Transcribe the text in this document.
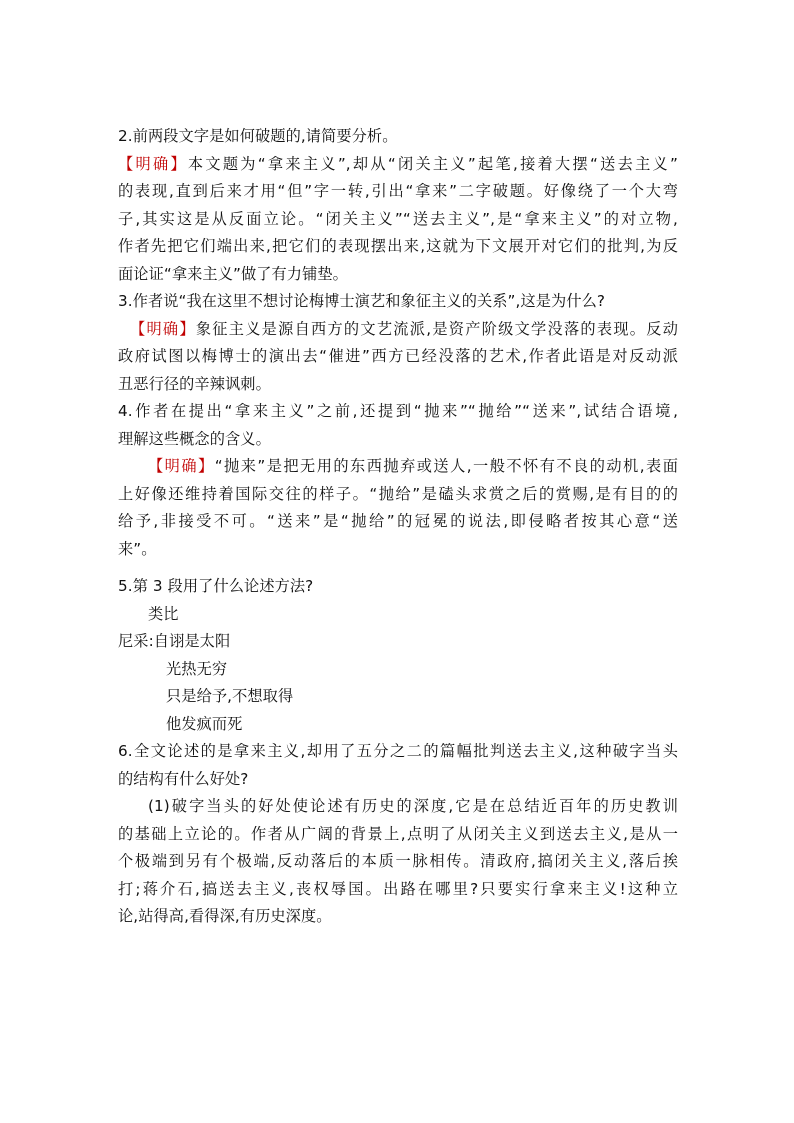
2.前两段文字是如何破题的,请简要分析。
【明确】本文题为“拿来主义”,却从“闭关主义”起笔,接着大摆“送去主义”
的表现,直到后来才用“但”字一转,引出“拿来”二字破题。好像绕了一个大弯
子,其实这是从反面立论。“闭关主义”“送去主义”,是“拿来主义”的对立物,
作者先把它们端出来,把它们的表现摆出来,这就为下文展开对它们的批判,为反
面论证“拿来主义”做了有力铺垫。
3.作者说“我在这里不想讨论梅博士演艺和象征主义的关系”,这是为什么?
【明确】象征主义是源自西方的文艺流派,是资产阶级文学没落的表现。反动
政府试图以梅博士的演出去“催进”西方已经没落的艺术,作者此语是对反动派
丑恶行径的辛辣讽刺。
4.作者在提出“拿来主义”之前,还提到“抛来”“抛给”“送来”,试结合语境,
理解这些概念的含义。
【明确】“抛来”是把无用的东西抛弃或送人,一般不怀有不良的动机,表面
上好像还维持着国际交往的样子。“抛给”是磕头求赏之后的赏赐,是有目的的
给予,非接受不可。“送来”是“抛给”的冠冕的说法,即侵略者按其心意“送
来”。
5.第 3 段用了什么论述方法?
类比
尼采:自诩是太阳
光热无穷
只是给予,不想取得
他发疯而死
6.全文论述的是拿来主义,却用了五分之二的篇幅批判送去主义,这种破字当头
的结构有什么好处?
(1)破字当头的好处使论述有历史的深度,它是在总结近百年的历史教训
的基础上立论的。作者从广阔的背景上,点明了从闭关主义到送去主义,是从一
个极端到另有个极端,反动落后的本质一脉相传。清政府,搞闭关主义,落后挨
打;蒋介石,搞送去主义,丧权辱国。出路在哪里?只要实行拿来主义!这种立
论,站得高,看得深,有历史深度。
